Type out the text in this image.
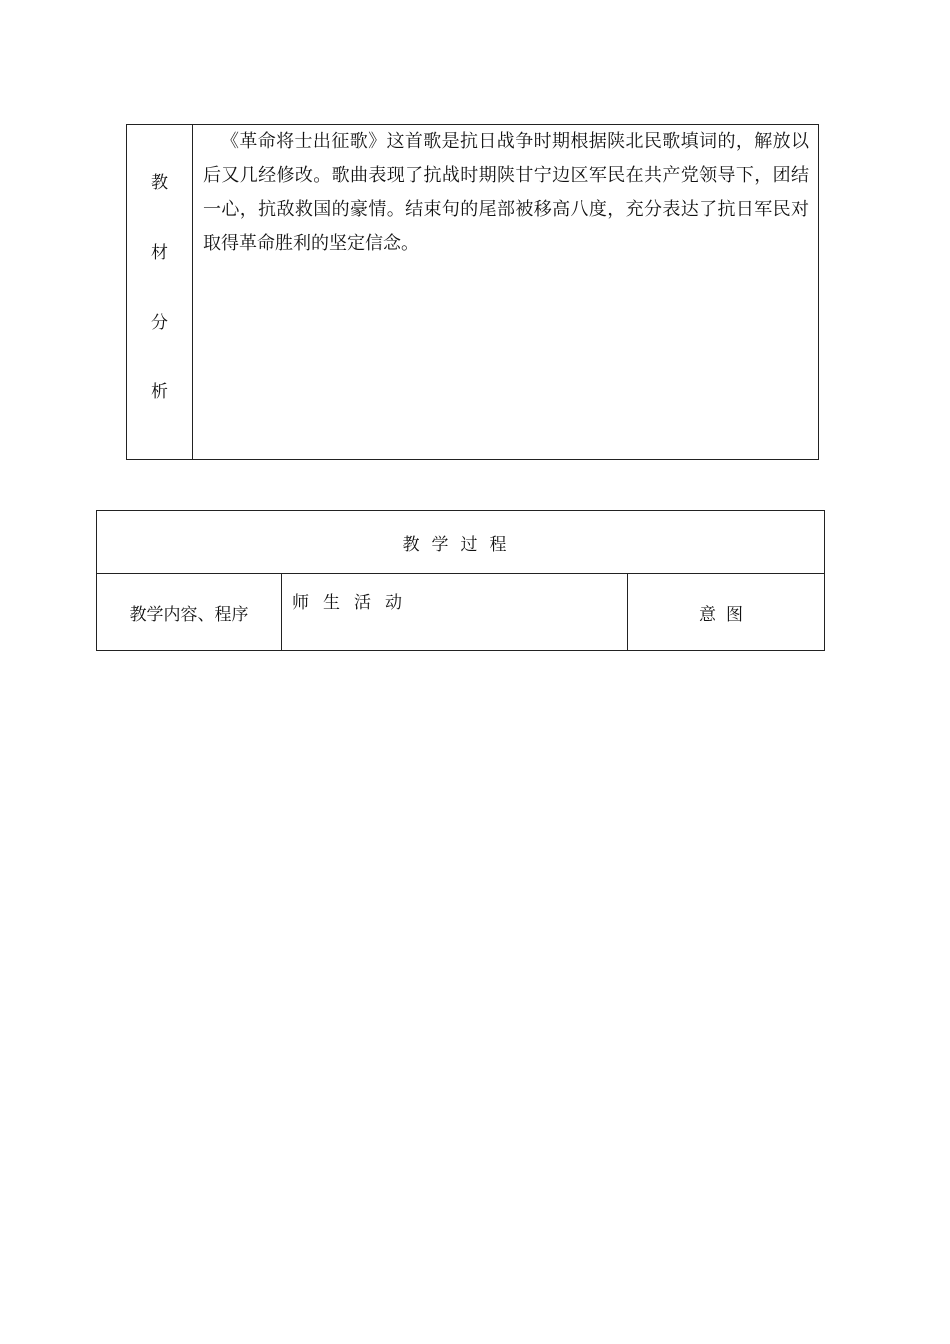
教
材
分
析

《革命将士出征歌》这首歌是抗日战争时期根据陕北民歌填词的，解放以后又几经修改。歌曲表现了抗战时期陕甘宁边区军民在共产党领导下，团结一心，抗敌救国的豪情。结束句的尾部被移高八度，充分表达了抗日军民对取得革命胜利的坚定信念。

教学过程
教学内容、程序	师生活动	意图
